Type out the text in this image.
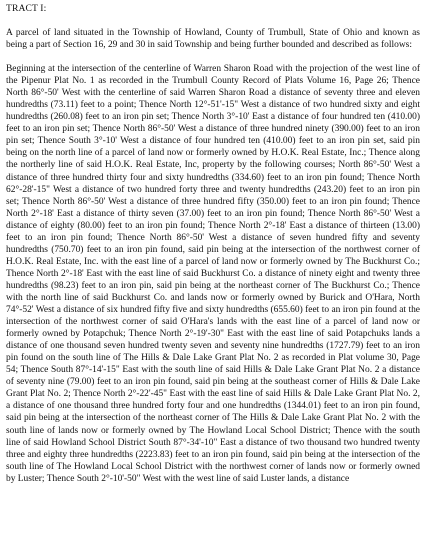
TRACT I:

A parcel of land situated in the Township of Howland, County of Trumbull, State of Ohio and known as being a part of Section 16, 29 and 30 in said Township and being further bounded and described as follows:

Beginning at the intersection of the centerline of Warren Sharon Road with the projection of the west line of the Pipenur Plat No. 1 as recorded in the Trumbull County Record of Plats Volume 16, Page 26; Thence North 86°-50' West with the centerline of said Warren Sharon Road a distance of seventy three and eleven hundredths (73.11) feet to a point; Thence North 12°-51'-15" West a distance of two hundred sixty and eight hundredths (260.08) feet to an iron pin set; Thence North 3°-10' East a distance of four hundred ten (410.00) feet to an iron pin set; Thence North 86°-50' West a distance of three hundred ninety (390.00) feet to an iron pin set; Thence South 3°-10' West a distance of four hundred ten (410.00) feet to an iron pin set, said pin being on the north line of a parcel of land now or formerly owned by H.O.K. Real Estate, Inc.; Thence along the northerly line of said H.O.K. Real Estate, Inc, property by the following courses; North 86°-50' West a distance of three hundred thirty four and sixty hundredths (334.60) feet to an iron pin found; Thence North 62°-28'-15" West a distance of two hundred forty three and twenty hundredths (243.20) feet to an iron pin set; Thence North 86°-50' West a distance of three hundred fifty (350.00) feet to an iron pin found; Thence North 2°-18' East a distance of thirty seven (37.00) feet to an iron pin found; Thence North 86°-50' West a distance of eighty (80.00) feet to an iron pin found; Thence North 2°-18' East a distance of thirteen (13.00) feet to an iron pin found; Thence North 86°-50' West a distance of seven hundred fifty and seventy hundredths (750.70) feet to an iron pin found, said pin being at the intersection of the northwest corner of H.O.K. Real Estate, Inc. with the east line of a parcel of land now or formerly owned by The Buckhurst Co.; Thence North 2°-18' East with the east line of said Buckhurst Co. a distance of ninety eight and twenty three hundredths (98.23) feet to an iron pin, said pin being at the northeast corner of The Buckhurst Co.; Thence with the north line of said Buckhurst Co. and lands now or formerly owned by Burick and O'Hara, North 74°-52' West a distance of six hundred fifty five and sixty hundredths (655.60) feet to an iron pin found at the intersection of the northwest corner of said O'Hara's lands with the east line of a parcel of land now or formerly owned by Potapchuk; Thence North 2°-19'-30" East with the east line of said Potapchuks lands a distance of one thousand seven hundred twenty seven and seventy nine hundredths (1727.79) feet to an iron pin found on the south line of The Hills & Dale Lake Grant Plat No. 2 as recorded in Plat volume 30, Page 54; Thence South 87°-14'-15" East with the south line of said Hills & Dale Lake Grant Plat No. 2 a distance of seventy nine (79.00) feet to an iron pin found, said pin being at the southeast corner of Hills & Dale Lake Grant Plat No. 2; Thence North 2°-22'-45" East with the east line of said Hills & Dale Lake Grant Plat No. 2, a distance of one thousand three hundred forty four and one hundredths (1344.01) feet to an iron pin found, said pin being at the intersection of the northeast corner of The Hills & Dale Lake Grant Plat No. 2 with the south line of lands now or formerly owned by The Howland Local School District; Thence with the south line of said Howland School District South 87°-34'-10" East a distance of two thousand two hundred twenty three and eighty three hundredths (2223.83) feet to an iron pin found, said pin being at the intersection of the south line of The Howland Local School District with the northwest corner of lands now or formerly owned by Luster; Thence South 2°-10'-50" West with the west line of said Luster lands, a distance
